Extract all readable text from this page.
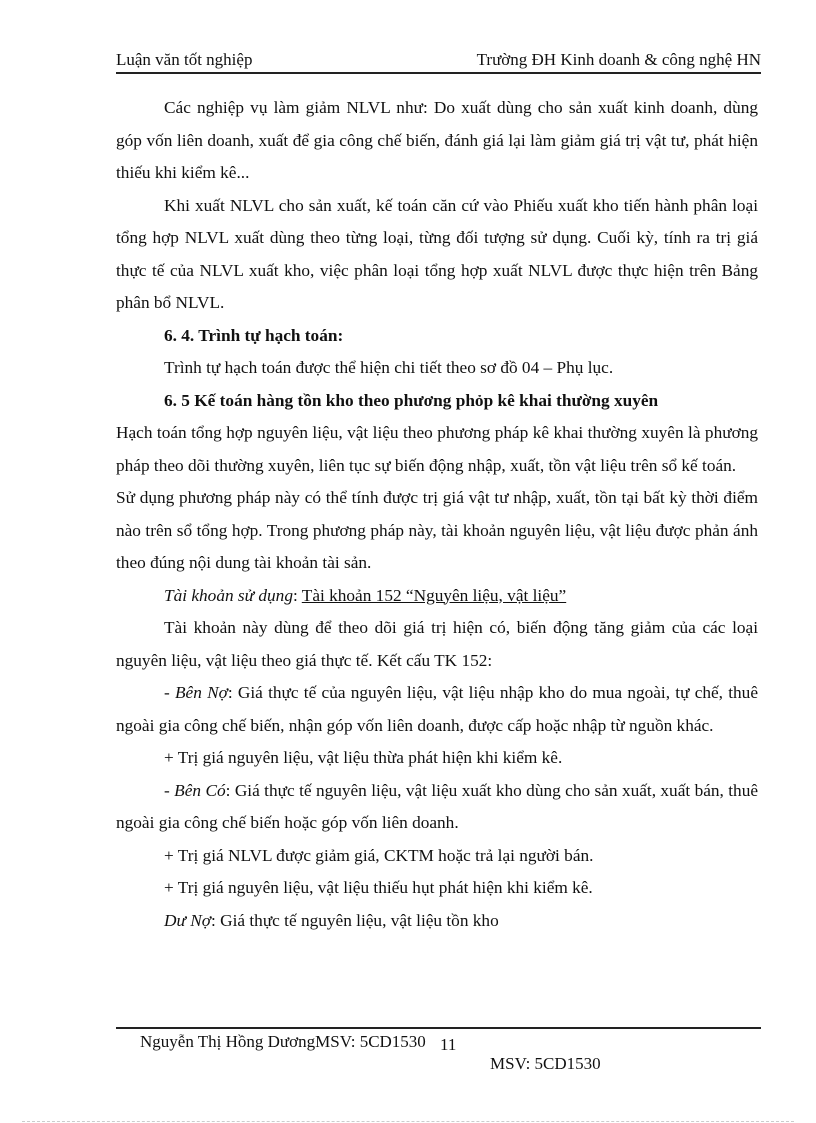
Luận văn tốt nghiệp	Trường ĐH Kinh doanh & công nghệ HN

Các nghiệp vụ làm giảm NLVL như: Do xuất dùng cho sản xuất kinh doanh, dùng góp vốn liên doanh, xuất để gia công chế biến, đánh giá lại làm giảm giá trị vật tư, phát hiện thiếu khi kiểm kê...

Khi xuất NLVL cho sản xuất, kế toán căn cứ vào Phiếu xuất kho tiến hành phân loại tổng hợp NLVL xuất dùng theo từng loại, từng đối tượng sử dụng. Cuối kỳ, tính ra trị giá thực tế của NLVL xuất kho, việc phân loại tổng hợp xuất NLVL được thực hiện trên Bảng phân bổ NLVL.

6. 4. Trình tự hạch toán:

Trình tự hạch toán được thể hiện chi tiết theo sơ đồ 04 – Phụ lục.

6. 5 Kế toán hàng tồn kho theo phương phỏp kê khai thường xuyên

Hạch toán tổng hợp nguyên liệu, vật liệu theo phương pháp kê khai thường xuyên là phương pháp theo dõi thường xuyên, liên tục sự biến động nhập, xuất, tồn vật liệu trên sổ kế toán.

Sử dụng phương pháp này có thể tính được trị giá vật tư nhập, xuất, tồn tại bất kỳ thời điểm nào trên sổ tổng hợp. Trong phương pháp này, tài khoản nguyên liệu, vật liệu được phản ánh theo đúng nội dung tài khoản tài sản.

Tài khoản sử dụng: Tài khoản 152 “Nguyên liệu, vật liệu”

Tài khoản này dùng để theo dõi giá trị hiện có, biến động tăng giảm của các loại nguyên liệu, vật liệu theo giá thực tế. Kết cấu TK 152:

- Bên Nợ: Giá thực tế của nguyên liệu, vật liệu nhập kho do mua ngoài, tự chế, thuê ngoài gia công chế biến, nhận góp vốn liên doanh, được cấp hoặc nhập từ nguồn khác.

+ Trị giá nguyên liệu, vật liệu thừa phát hiện khi kiểm kê.

- Bên Có: Giá thực tế nguyên liệu, vật liệu xuất kho dùng cho sản xuất, xuất bán, thuê ngoài gia công chế biến hoặc góp vốn liên doanh.

+ Trị giá NLVL được giảm giá, CKTM hoặc trả lại người bán.

+ Trị giá nguyên liệu, vật liệu thiếu hụt phát hiện khi kiểm kê.

Dư Nợ: Giá thực tế nguyên liệu, vật liệu tồn kho

Nguyễn Thị Hồng DươngMSV: 5CD1530 11
MSV: 5CD1530
